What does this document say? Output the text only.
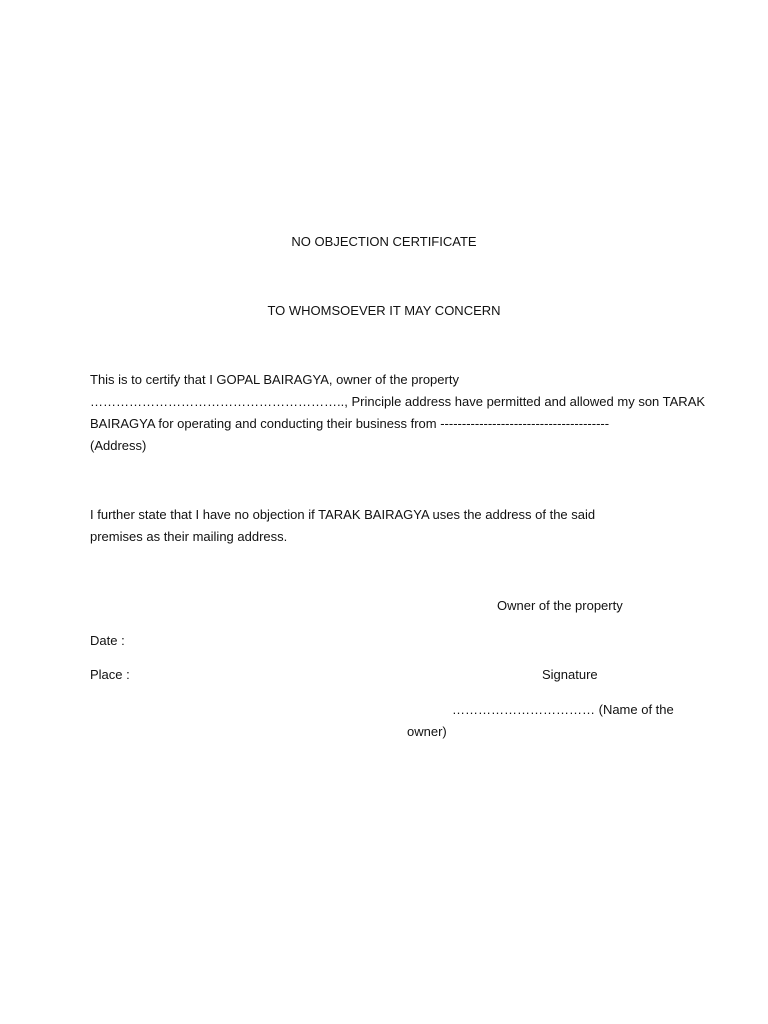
NO OBJECTION CERTIFICATE
TO WHOMSOEVER IT MAY CONCERN
This is to certify that I GOPAL BAIRAGYA, owner of the property
………………………………………………….., Principle address have permitted and allowed my son TARAK
BAIRAGYA for operating and conducting their business from ---------------------------------------
(Address)
I further state that I have no objection if TARAK BAIRAGYA uses the address of the said
premises as their mailing address.
Owner of the property
Date :
Place :	Signature
…………………………… (Name of the
owner)
